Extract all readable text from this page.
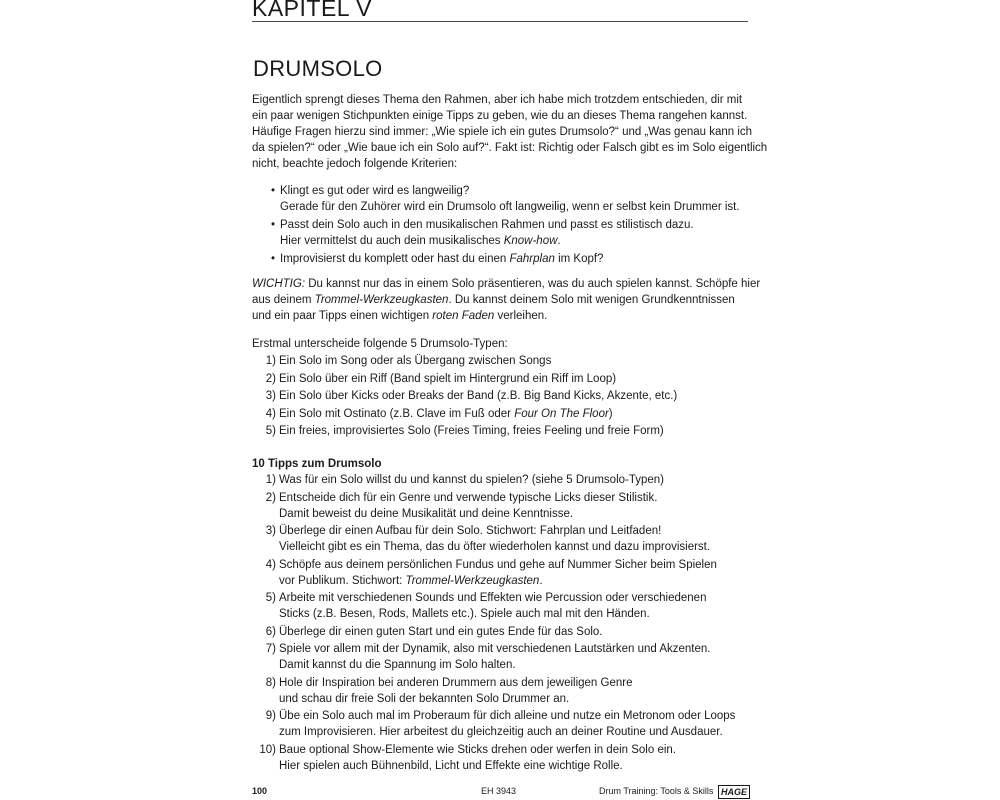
KAPITEL V
DRUMSOLO
Eigentlich sprengt dieses Thema den Rahmen, aber ich habe mich trotzdem entschieden, dir mit
ein paar wenigen Stichpunkten einige Tipps zu geben, wie du an dieses Thema rangehen kannst.
Häufige Fragen hierzu sind immer: „Wie spiele ich ein gutes Drumsolo?“ und „Was genau kann ich
da spielen?“ oder „Wie baue ich ein Solo auf?“. Fakt ist: Richtig oder Falsch gibt es im Solo eigentlich
nicht, beachte jedoch folgende Kriterien:
• Klingt es gut oder wird es langweilig?
Gerade für den Zuhörer wird ein Drumsolo oft langweilig, wenn er selbst kein Drummer ist.
• Passt dein Solo auch in den musikalischen Rahmen und passt es stilistisch dazu.
Hier vermittelst du auch dein musikalisches Know-how.
• Improvisierst du komplett oder hast du einen Fahrplan im Kopf?
WICHTIG: Du kannst nur das in einem Solo präsentieren, was du auch spielen kannst. Schöpfe hier
aus deinem Trommel-Werkzeugkasten. Du kannst deinem Solo mit wenigen Grundkenntnissen
und ein paar Tipps einen wichtigen roten Faden verleihen.
Erstmal unterscheide folgende 5 Drumsolo-Typen:
1) Ein Solo im Song oder als Übergang zwischen Songs
2) Ein Solo über ein Riff (Band spielt im Hintergrund ein Riff im Loop)
3) Ein Solo über Kicks oder Breaks der Band (z.B. Big Band Kicks, Akzente, etc.)
4) Ein Solo mit Ostinato (z.B. Clave im Fuß oder Four On The Floor)
5) Ein freies, improvisiertes Solo (Freies Timing, freies Feeling und freie Form)
10 Tipps zum Drumsolo
1) Was für ein Solo willst du und kannst du spielen? (siehe 5 Drumsolo-Typen)
2) Entscheide dich für ein Genre und verwende typische Licks dieser Stilistik.
Damit beweist du deine Musikalität und deine Kenntnisse.
3) Überlege dir einen Aufbau für dein Solo. Stichwort: Fahrplan und Leitfaden!
Vielleicht gibt es ein Thema, das du öfter wiederholen kannst und dazu improvisierst.
4) Schöpfe aus deinem persönlichen Fundus und gehe auf Nummer Sicher beim Spielen
vor Publikum. Stichwort: Trommel-Werkzeugkasten.
5) Arbeite mit verschiedenen Sounds und Effekten wie Percussion oder verschiedenen
Sticks (z.B. Besen, Rods, Mallets etc.). Spiele auch mal mit den Händen.
6) Überlege dir einen guten Start und ein gutes Ende für das Solo.
7) Spiele vor allem mit der Dynamik, also mit verschiedenen Lautstärken und Akzenten.
Damit kannst du die Spannung im Solo halten.
8) Hole dir Inspiration bei anderen Drummern aus dem jeweiligen Genre
und schau dir freie Soli der bekannten Solo Drummer an.
9) Übe ein Solo auch mal im Proberaum für dich alleine und nutze ein Metronom oder Loops
zum Improvisieren. Hier arbeitest du gleichzeitig auch an deiner Routine und Ausdauer.
10) Baue optional Show-Elemente wie Sticks drehen oder werfen in dein Solo ein.
Hier spielen auch Bühnenbild, Licht und Effekte eine wichtige Rolle.
100	EH 3943	Drum Training: Tools & Skills HAGE
